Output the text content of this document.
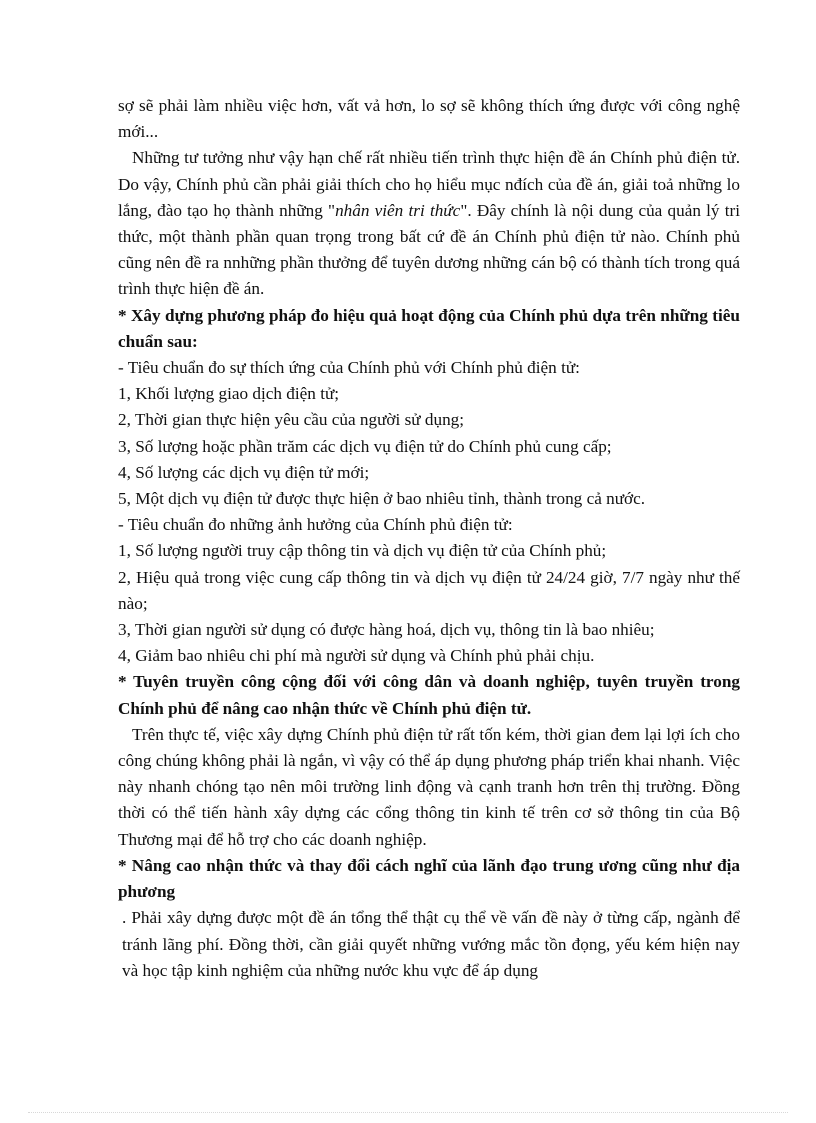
sợ sẽ phải làm nhiều việc hơn, vất vả hơn, lo sợ sẽ không thích ứng được với công nghệ mới...

Những tư tưởng như vậy hạn chế rất nhiều tiến trình thực hiện đề án Chính phủ điện tử. Do vậy, Chính phủ cần phải giải thích cho họ hiểu mục nđích của đề án, giải toả những lo lắng, đào tạo họ thành những "nhân viên tri thức". Đây chính là nội dung của quản lý tri thức, một thành phần quan trọng trong bất cứ đề án Chính phủ điện tử nào. Chính phủ cũng nên đề ra nnhững phần thưởng để tuyên dương những cán bộ có thành tích trong quá trình thực hiện đề án.

* Xây dựng phương pháp đo hiệu quả hoạt động của Chính phủ dựa trên những tiêu chuẩn sau:

- Tiêu chuẩn đo sự thích ứng của Chính phủ với Chính phủ điện tử:

1, Khối lượng giao dịch điện tử;

2, Thời gian thực hiện yêu cầu của người sử dụng;

3, Số lượng hoặc phần trăm các dịch vụ điện tử do Chính phủ cung cấp;

4, Số lượng các dịch vụ điện tử mới;

5, Một dịch vụ điện tử được thực hiện ở bao nhiêu tỉnh, thành trong cả nước.

- Tiêu chuẩn đo những ảnh hưởng của Chính phủ điện tử:

1, Số lượng người truy cập thông tin và dịch vụ điện tử của Chính phủ;

2, Hiệu quả trong việc cung cấp thông tin và dịch vụ điện tử 24/24 giờ, 7/7 ngày như thế nào;

3, Thời gian người sử dụng có được hàng hoá, dịch vụ, thông tin là bao nhiêu;

4, Giảm bao nhiêu chi phí mà người sử dụng và Chính phủ phải chịu.

* Tuyên truyền công cộng đối với công dân và doanh nghiệp, tuyên truyền trong Chính phủ để nâng cao nhận thức về Chính phủ điện tử.

Trên thực tế, việc xây dựng Chính phủ điện tử rất tốn kém, thời gian đem lại lợi ích cho công chúng không phải là ngắn, vì vậy có thể áp dụng phương pháp triển khai nhanh. Việc này nhanh chóng tạo nên môi trường linh động và cạnh tranh hơn trên thị trường. Đồng thời có thể tiến hành xây dựng các cổng thông tin kinh tế trên cơ sở thông tin của Bộ Thương mại để hỗ trợ cho các doanh nghiệp.

* Nâng cao nhận thức và thay đổi cách nghĩ của lãnh đạo trung ương cũng như địa phương

. Phải xây dựng được một đề án tổng thể thật cụ thể về vấn đề này ở từng cấp, ngành để tránh lãng phí. Đồng thời, cần giải quyết những vướng mắc tồn đọng, yếu kém hiện nay và học tập kinh nghiệm của những nước khu vực để áp dụng
